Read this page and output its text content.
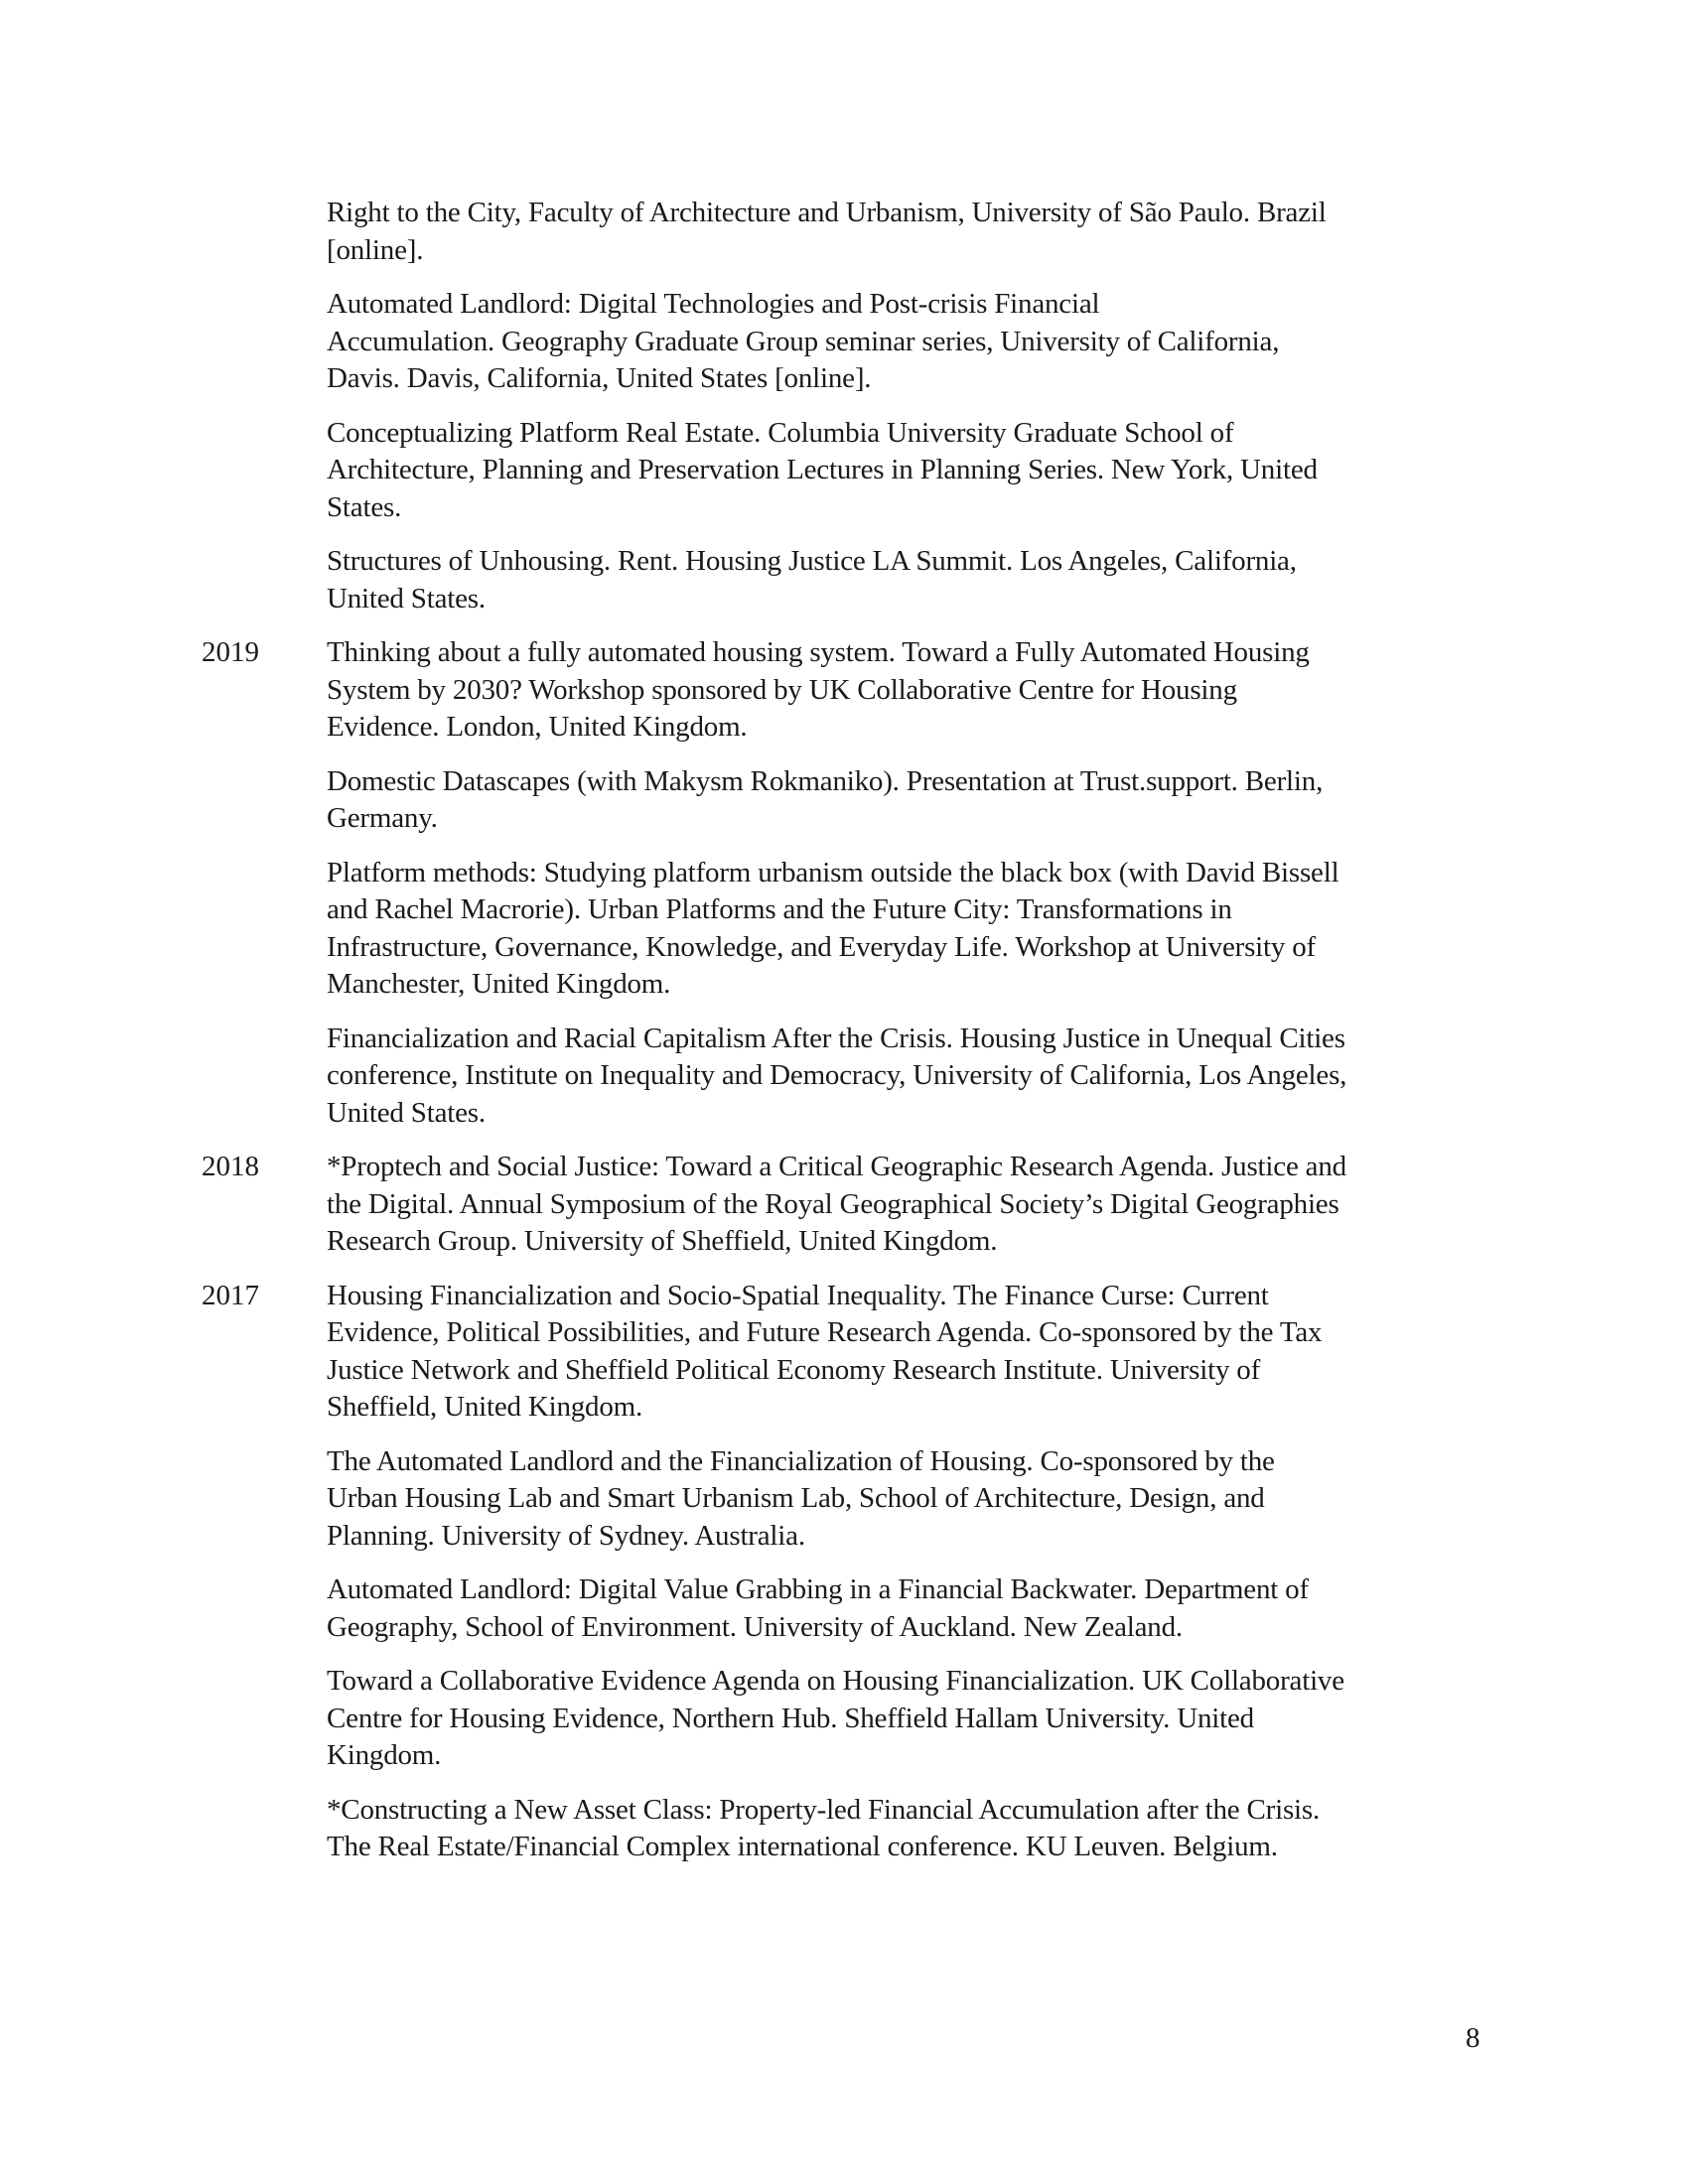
Right to the City, Faculty of Architecture and Urbanism, University of São Paulo. Brazil
[online].
Automated Landlord: Digital Technologies and Post-crisis Financial
Accumulation. Geography Graduate Group seminar series, University of California,
Davis. Davis, California, United States [online].
Conceptualizing Platform Real Estate. Columbia University Graduate School of
Architecture, Planning and Preservation Lectures in Planning Series. New York, United
States.
Structures of Unhousing. Rent. Housing Justice LA Summit. Los Angeles, California,
United States.
2019	Thinking about a fully automated housing system. Toward a Fully Automated Housing
System by 2030? Workshop sponsored by UK Collaborative Centre for Housing
Evidence. London, United Kingdom.
Domestic Datascapes (with Makysm Rokmaniko). Presentation at Trust.support. Berlin,
Germany.
Platform methods: Studying platform urbanism outside the black box (with David Bissell
and Rachel Macrorie). Urban Platforms and the Future City: Transformations in
Infrastructure, Governance, Knowledge, and Everyday Life. Workshop at University of
Manchester, United Kingdom.
Financialization and Racial Capitalism After the Crisis. Housing Justice in Unequal Cities
conference, Institute on Inequality and Democracy, University of California, Los Angeles,
United States.
2018	*Proptech and Social Justice: Toward a Critical Geographic Research Agenda. Justice and
the Digital. Annual Symposium of the Royal Geographical Society’s Digital Geographies
Research Group. University of Sheffield, United Kingdom.
2017	Housing Financialization and Socio-Spatial Inequality. The Finance Curse: Current
Evidence, Political Possibilities, and Future Research Agenda. Co-sponsored by the Tax
Justice Network and Sheffield Political Economy Research Institute. University of
Sheffield, United Kingdom.
The Automated Landlord and the Financialization of Housing. Co-sponsored by the
Urban Housing Lab and Smart Urbanism Lab, School of Architecture, Design, and
Planning. University of Sydney. Australia.
Automated Landlord: Digital Value Grabbing in a Financial Backwater. Department of
Geography, School of Environment. University of Auckland. New Zealand.
Toward a Collaborative Evidence Agenda on Housing Financialization. UK Collaborative
Centre for Housing Evidence, Northern Hub. Sheffield Hallam University. United
Kingdom.
*Constructing a New Asset Class: Property-led Financial Accumulation after the Crisis.
The Real Estate/Financial Complex international conference. KU Leuven. Belgium.
8
